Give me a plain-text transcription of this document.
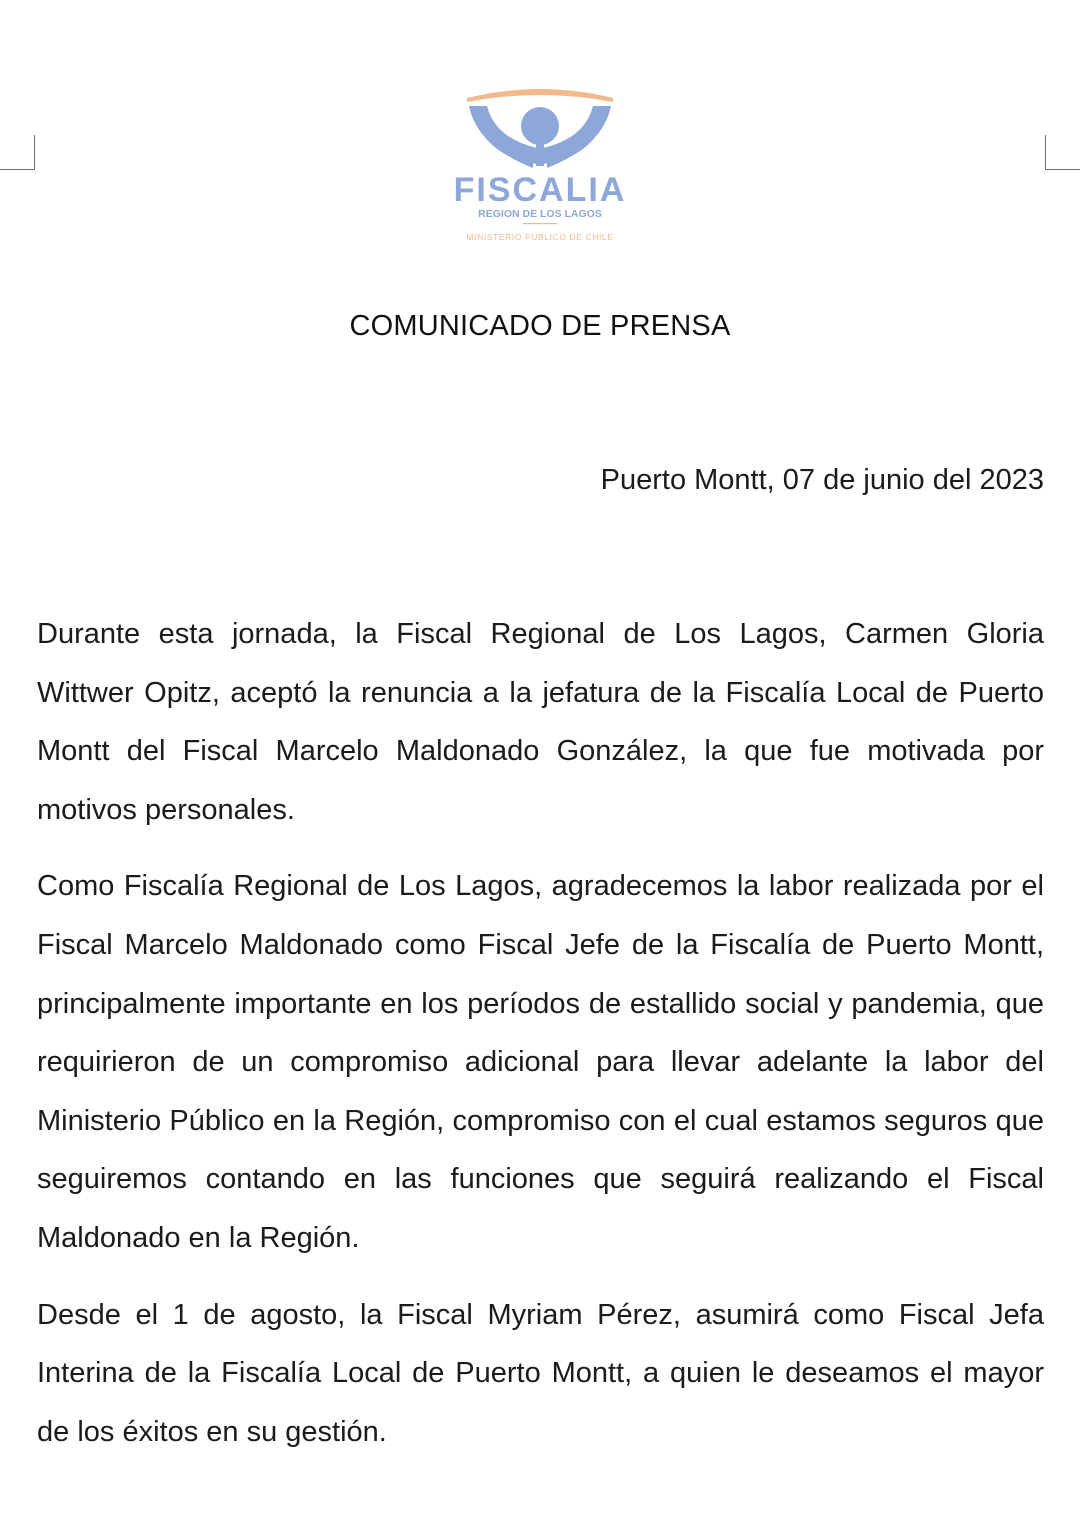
FISCALIA
REGION DE LOS LAGOS
MINISTERIO PUBLICO DE CHILE
COMUNICADO DE PRENSA
Puerto Montt, 07 de junio del 2023

Durante esta jornada, la Fiscal Regional de Los Lagos, Carmen Gloria Wittwer Opitz, aceptó la renuncia a la jefatura de la Fiscalía Local de Puerto Montt del Fiscal Marcelo Maldonado González, la que fue motivada por motivos personales.

Como Fiscalía Regional de Los Lagos, agradecemos la labor realizada por el Fiscal Marcelo Maldonado como Fiscal Jefe de la Fiscalía de Puerto Montt, principalmente importante en los períodos de estallido social y pandemia, que requirieron de un compromiso adicional para llevar adelante la labor del Ministerio Público en la Región, compromiso con el cual estamos seguros que seguiremos contando en las funciones que seguirá realizando el Fiscal Maldonado en la Región.

Desde el 1 de agosto, la Fiscal Myriam Pérez, asumirá como Fiscal Jefa Interina de la Fiscalía Local de Puerto Montt, a quien le deseamos el mayor de los éxitos en su gestión.
